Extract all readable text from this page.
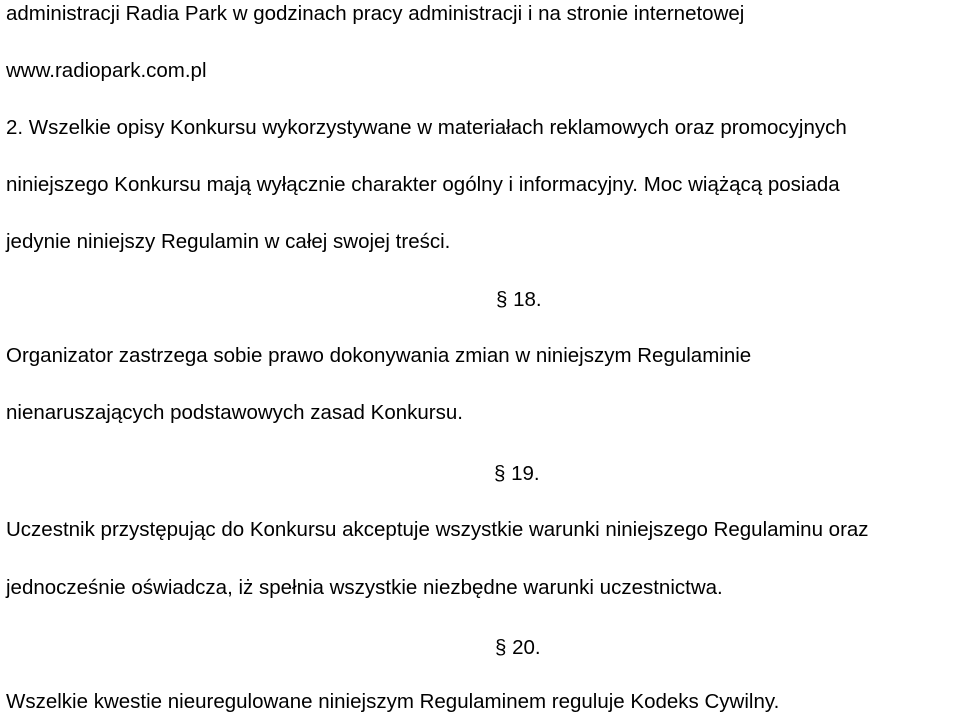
administracji Radia Park w godzinach pracy administracji i na stronie internetowej
www.radiopark.com.pl
2. Wszelkie opisy Konkursu wykorzystywane w materiałach reklamowych oraz promocyjnych
niniejszego Konkursu mają wyłącznie charakter ogólny i informacyjny. Moc wiążącą posiada
jedynie niniejszy Regulamin w całej swojej treści.
§ 18.
Organizator zastrzega sobie prawo dokonywania zmian w niniejszym Regulaminie
nienaruszających podstawowych zasad Konkursu.
§ 19.
Uczestnik przystępując do Konkursu akceptuje wszystkie warunki niniejszego Regulaminu oraz
jednocześnie oświadcza, iż spełnia wszystkie niezbędne warunki uczestnictwa.
§ 20.
Wszelkie kwestie nieuregulowane niniejszym Regulaminem reguluje Kodeks Cywilny.
